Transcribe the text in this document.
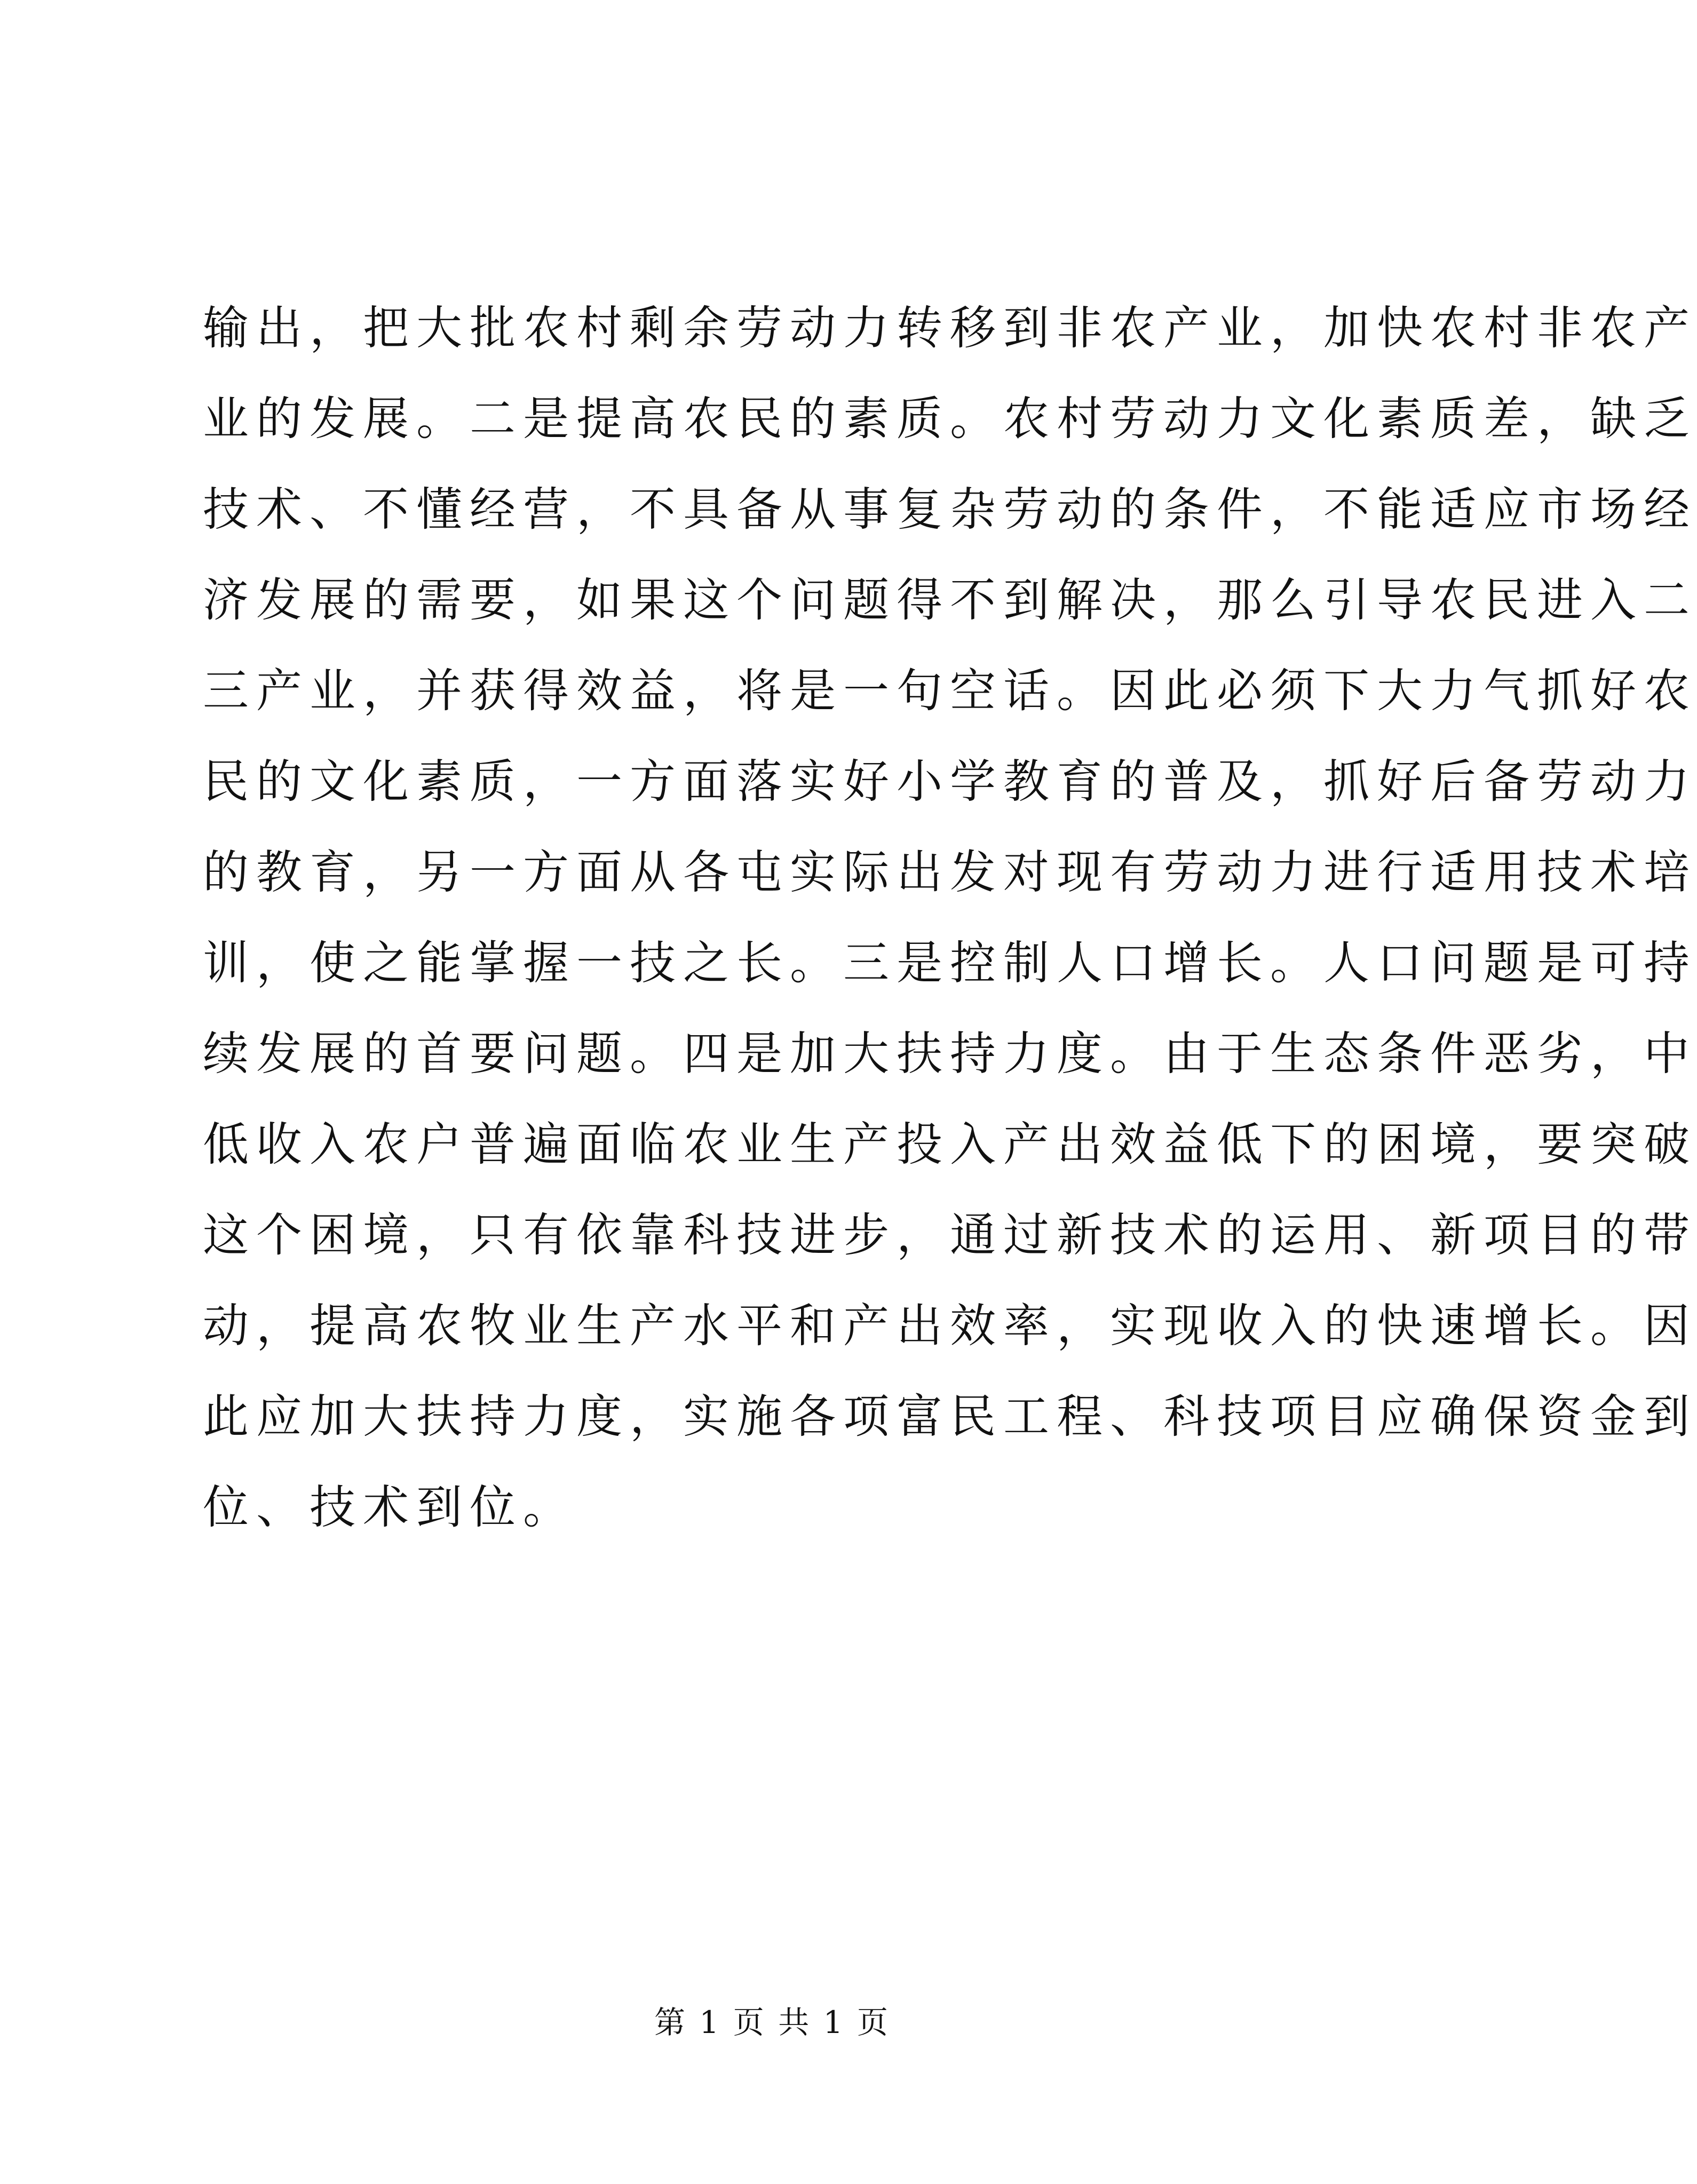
输出，把大批农村剩余劳动力转移到非农产业，加快农村非农产
业的发展。二是提高农民的素质。农村劳动力文化素质差，缺乏
技术、不懂经营，不具备从事复杂劳动的条件，不能适应市场经
济发展的需要，如果这个问题得不到解决，那么引导农民进入二
三产业，并获得效益，将是一句空话。因此必须下大力气抓好农
民的文化素质，一方面落实好小学教育的普及，抓好后备劳动力
的教育，另一方面从各屯实际出发对现有劳动力进行适用技术培
训，使之能掌握一技之长。三是控制人口增长。人口问题是可持
续发展的首要问题。四是加大扶持力度。由于生态条件恶劣，中
低收入农户普遍面临农业生产投入产出效益低下的困境，要突破
这个困境，只有依靠科技进步，通过新技术的运用、新项目的带
动，提高农牧业生产水平和产出效率，实现收入的快速增长。因
此应加大扶持力度，实施各项富民工程、科技项目应确保资金到
位、技术到位。
第 1 页 共 1 页
